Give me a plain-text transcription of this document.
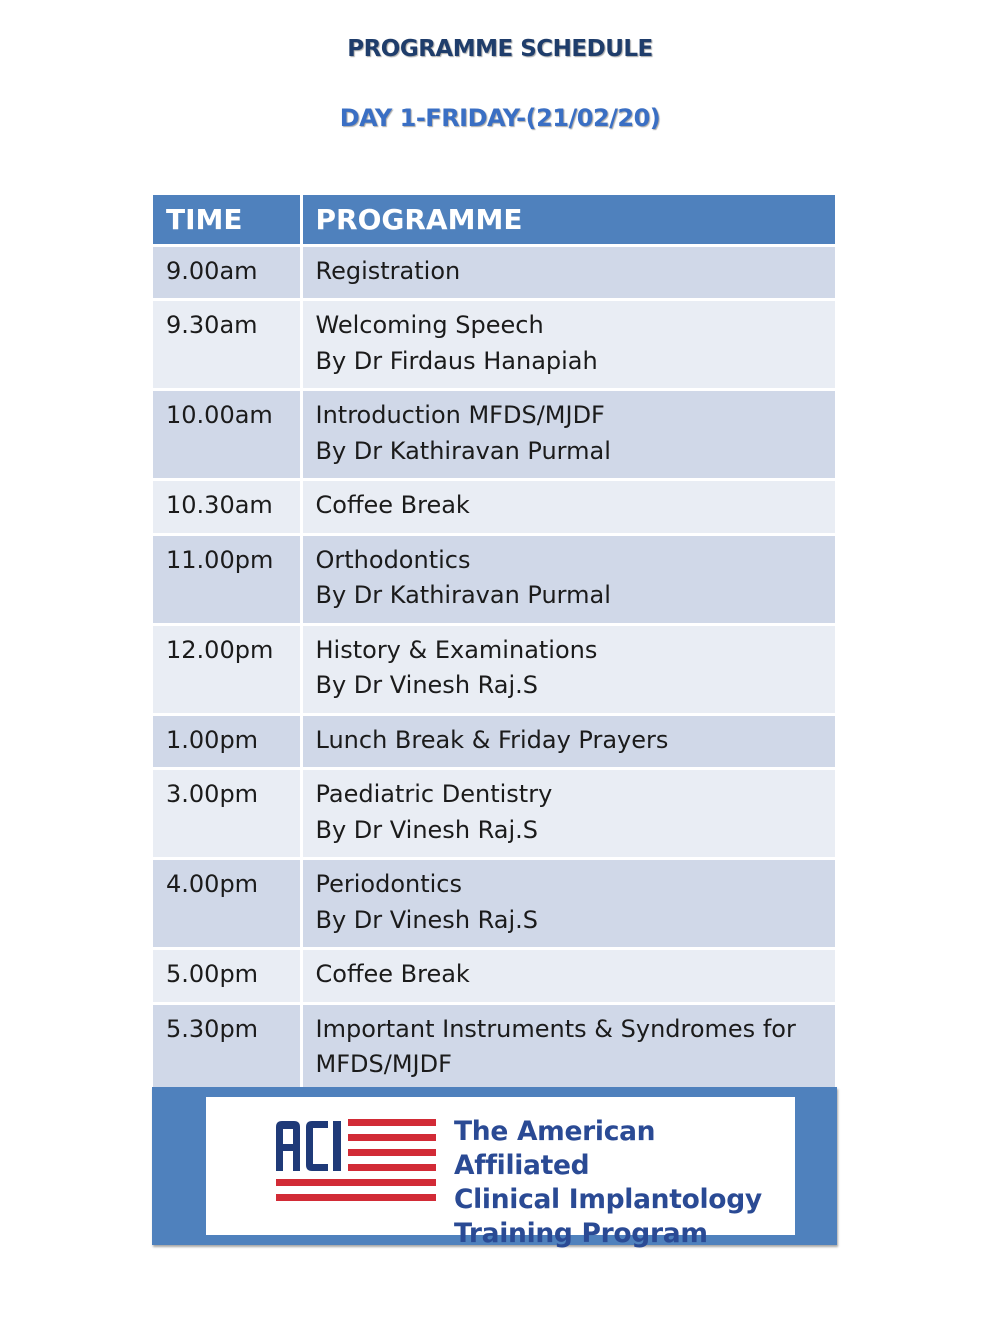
PROGRAMME SCHEDULE
DAY 1-FRIDAY-(21/02/20)
TIME	PROGRAMME
9.00am	Registration

9.30am	Welcoming Speech
By Dr Firdaus Hanapiah

10.00am	Introduction MFDS/MJDF
By Dr Kathiravan Purmal

10.30am	Coffee Break

11.00pm	Orthodontics
By Dr Kathiravan Purmal

12.00pm	History & Examinations
By Dr Vinesh Raj.S

1.00pm	Lunch Break & Friday Prayers

3.00pm	Paediatric Dentistry
By Dr Vinesh Raj.S

4.00pm	Periodontics
By Dr Vinesh Raj.S

5.00pm	Coffee Break

5.30pm	Important Instruments & Syndromes for
MFDS/MJDF
The American Affiliated
Clinical Implantology
Training Program
